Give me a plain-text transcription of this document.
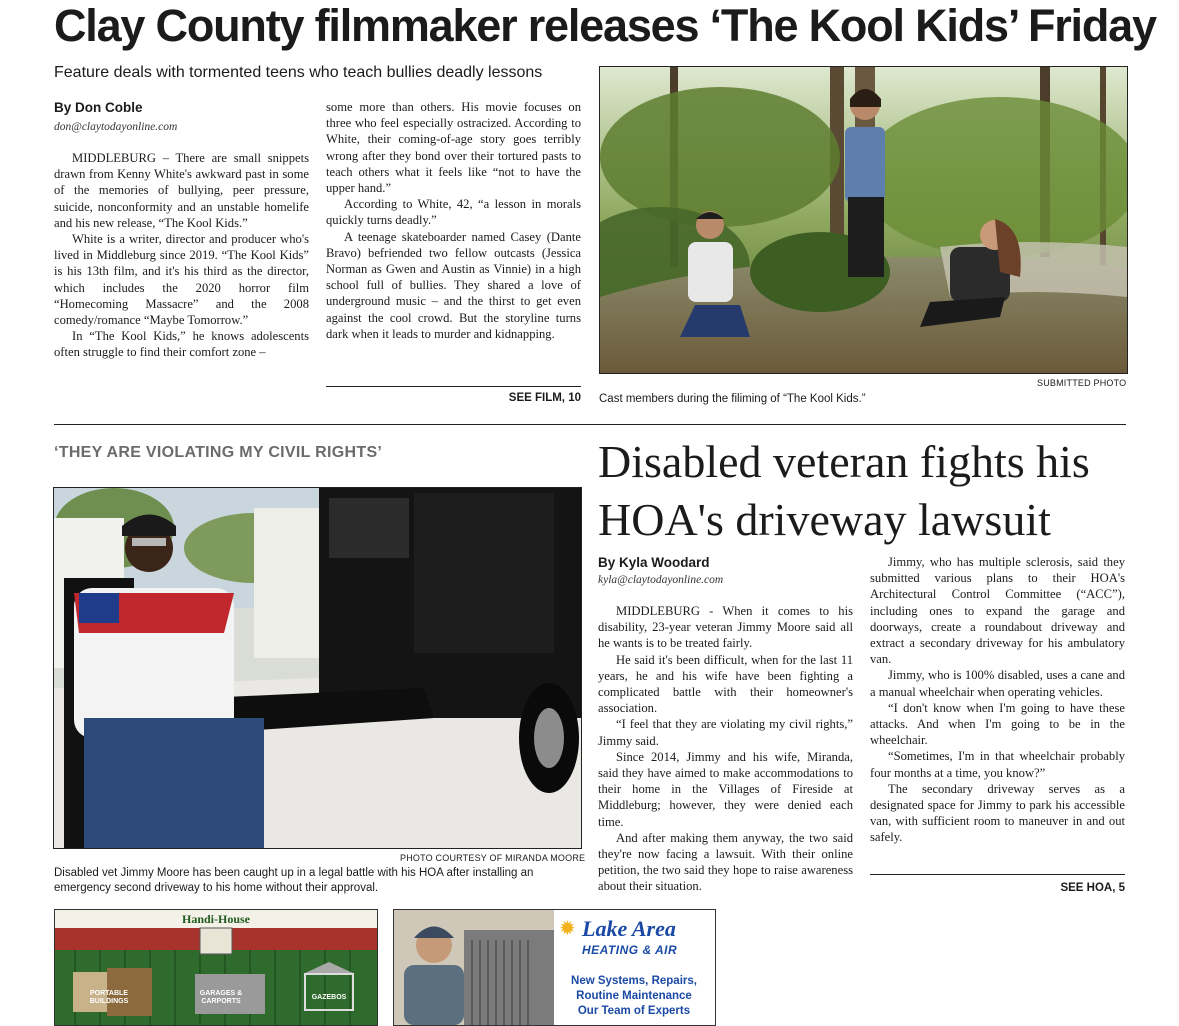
Clay County filmmaker releases ‘The Kool Kids’ Friday
Feature deals with tormented teens who teach bullies deadly lessons
By Don Coble
don@claytodayonline.com

MIDDLEBURG – There are small snippets drawn from Kenny White's awkward past in some of the memories of bullying, peer pressure, suicide, nonconformity and an unstable homelife and his new release, “The Kool Kids.”

White is a writer, director and producer who's lived in Middleburg since 2019. “The Kool Kids” is his 13th film, and it's his third as the director, which includes the 2020 horror film “Homecoming Massacre” and the 2008 comedy/romance “Maybe Tomorrow.”

In “The Kool Kids,” he knows adolescents often struggle to find their comfort zone –

some more than others. His movie focuses on three who feel especially ostracized. According to White, their coming-of-age story goes terribly wrong after they bond over their tortured pasts to teach others what it feels like “not to have the upper hand.”

According to White, 42, “a lesson in morals quickly turns deadly.”

A teenage skateboarder named Casey (Dante Bravo) befriended two fellow outcasts (Jessica Norman as Gwen and Austin as Vinnie) in a high school full of bullies. They shared a love of underground music – and the thirst to get even against the cool crowd. But the storyline turns dark when it leads to murder and kidnapping.

SEE FILM, 10
SUBMITTED PHOTO
Cast members during the filiming of “The Kool Kids.”
‘THEY ARE VIOLATING MY CIVIL RIGHTS’	Disabled veteran fights his HOA's driveway lawsuit
PHOTO COURTESY OF MIRANDA MOORE
Disabled vet Jimmy Moore has been caught up in a legal battle with his HOA after installing an emergency second driveway to his home without their approval.
By Kyla Woodard
kyla@claytodayonline.com

MIDDLEBURG - When it comes to his disability, 23-year veteran Jimmy Moore said all he wants is to be treated fairly.

He said it's been difficult, when for the last 11 years, he and his wife have been fighting a complicated battle with their homeowner's association.

“I feel that they are violating my civil rights,” Jimmy said.

Since 2014, Jimmy and his wife, Miranda, said they have aimed to make accommodations to their home in the Villages of Fireside at Middleburg; however, they were denied each time.

And after making them anyway, the two said they're now facing a lawsuit. With their online petition, the two said they hope to raise awareness about their situation.

Jimmy, who has multiple sclerosis, said they submitted various plans to their HOA's Architectural Control Committee (“ACC”), including ones to expand the garage and doorways, create a roundabout driveway and extract a secondary driveway for his ambulatory van.

Jimmy, who is 100% disabled, uses a cane and a manual wheelchair when operating vehicles.

“I don't know when I'm going to have these attacks. And when I'm going to be in the wheelchair.

“Sometimes, I'm in that wheelchair probably four months at a time, you know?”

The secondary driveway serves as a designated space for Jimmy to park his accessible van, with sufficient room to maneuver in and out safely.

SEE HOA, 5
Handi-House
PORTABLE BUILDINGS
GARAGES & CARPORTS
GAZEBOS
✹ Lake Area
HEATING & AIR
New Systems, Repairs,
Routine Maintenance
Our Team of Experts
